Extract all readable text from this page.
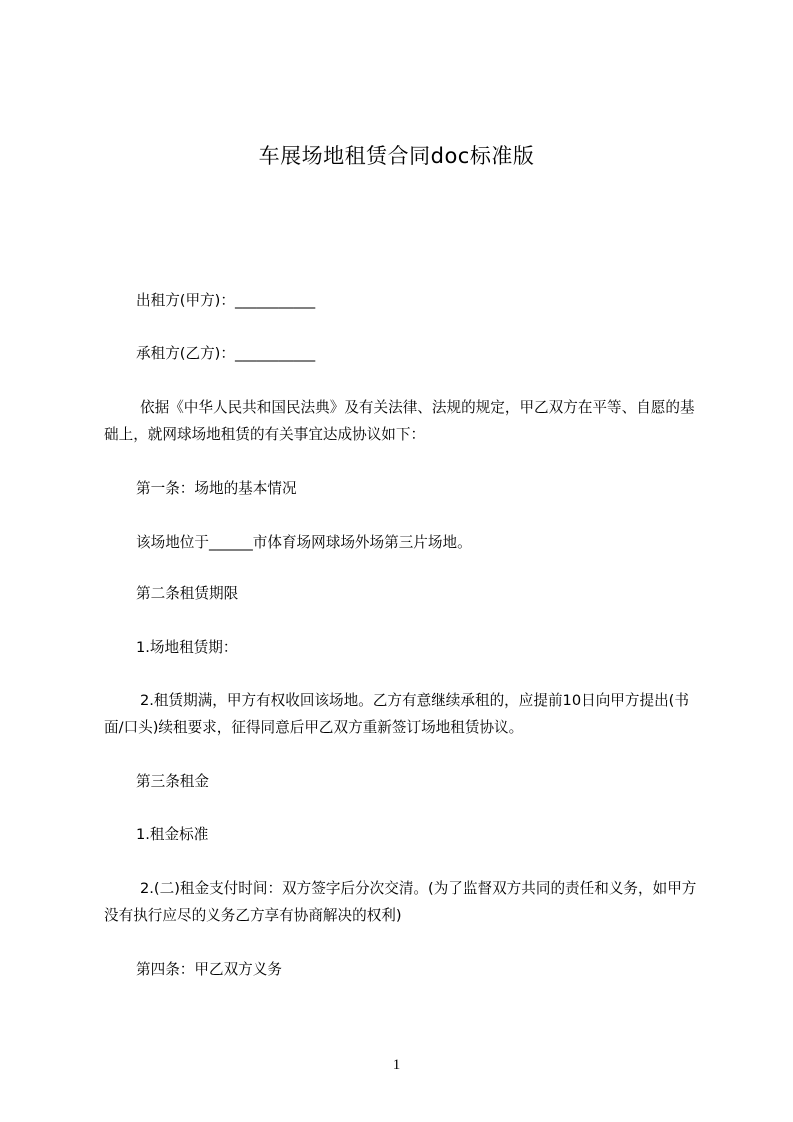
车展场地租赁合同doc标准版
出租方(甲方)：___________
承租方(乙方)：___________
依据《中华人民共和国民法典》及有关法律、法规的规定，甲乙双方在平等、自愿的基础上，就网球场地租赁的有关事宜达成协议如下：
第一条：场地的基本情况
该场地位于______市体育场网球场外场第三片场地。
第二条租赁期限
1.场地租赁期：
2.租赁期满，甲方有权收回该场地。乙方有意继续承租的，应提前10日向甲方提出(书面/口头)续租要求，征得同意后甲乙双方重新签订场地租赁协议。
第三条租金
1.租金标准
2.(二)租金支付时间：双方签字后分次交清。(为了监督双方共同的责任和义务，如甲方没有执行应尽的义务乙方享有协商解决的权利)
第四条：甲乙双方义务
1
